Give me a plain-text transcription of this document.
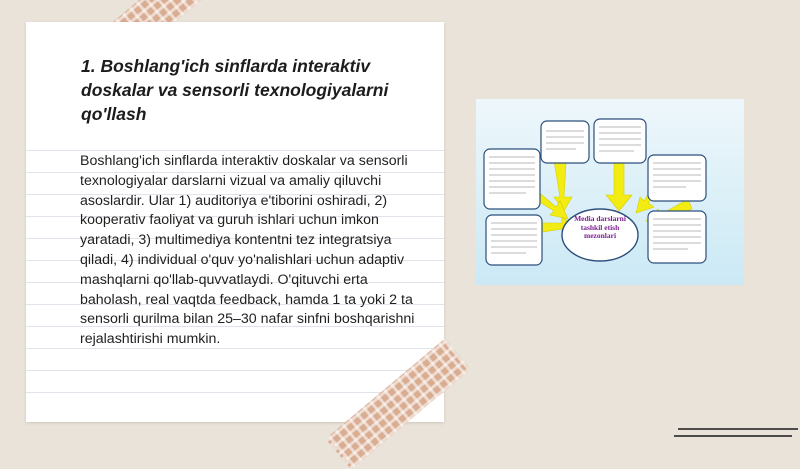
1. Boshlang'ich sinflarda interaktiv doskalar va sensorli texnologiyalarni qo'llash

Boshlang'ich sinflarda interaktiv doskalar va sensorli texnologiyalar darslarni vizual va amaliy qiluvchi asoslardir. Ular 1) auditoriya e'tiborini oshiradi, 2) kooperativ faoliyat va guruh ishlari uchun imkon yaratadi, 3) multimediya kontentni tez integratsiya qiladi, 4) individual o'quv yo'nalishlari uchun adaptiv mashqlarni qo'llab-quvvatlaydi. O'qituvchi erta baholash, real vaqtda feedback, hamda 1 ta yoki 2 ta sensorli qurilma bilan 25–30 nafar sinfni boshqarishni rejalashtirishi mumkin.

Media darslarni tashkil etish mezonlari
